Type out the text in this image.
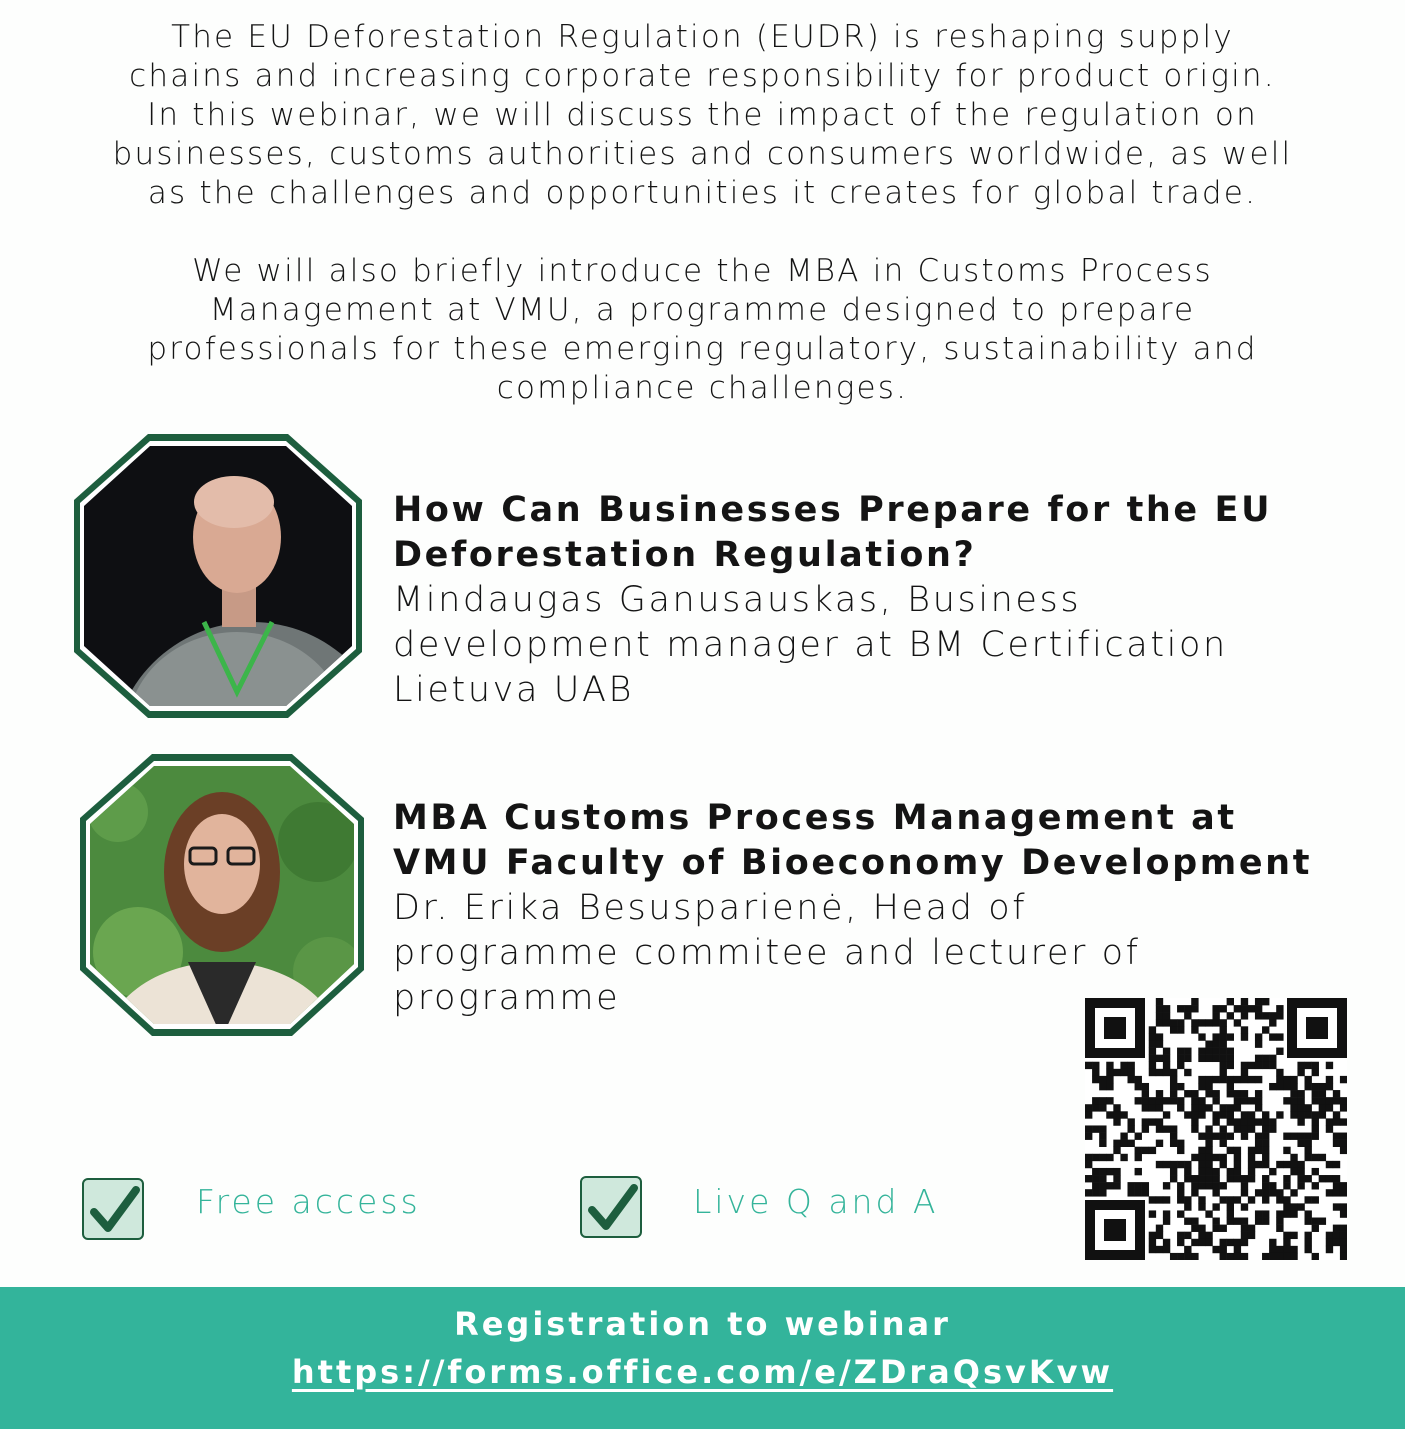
The EU Deforestation Regulation (EUDR) is reshaping supply
chains and increasing corporate responsibility for product origin.
In this webinar, we will discuss the impact of the regulation on
businesses, customs authorities and consumers worldwide, as well
as the challenges and opportunities it creates for global trade.

We will also briefly introduce the MBA in Customs Process
Management at VMU, a programme designed to prepare
professionals for these emerging regulatory, sustainability and
compliance challenges.

How Can Businesses Prepare for the EU
Deforestation Regulation?

Mindaugas Ganusauskas, Business
development manager at BM Certification
Lietuva UAB

MBA Customs Process Management at
VMU Faculty of Bioeconomy Development

Dr. Erika Besusparienė, Head of
programme commitee and lecturer of
programme

Free access	Live Q and A
Registration to webinar
https://forms.office.com/e/ZDraQsvKvw
